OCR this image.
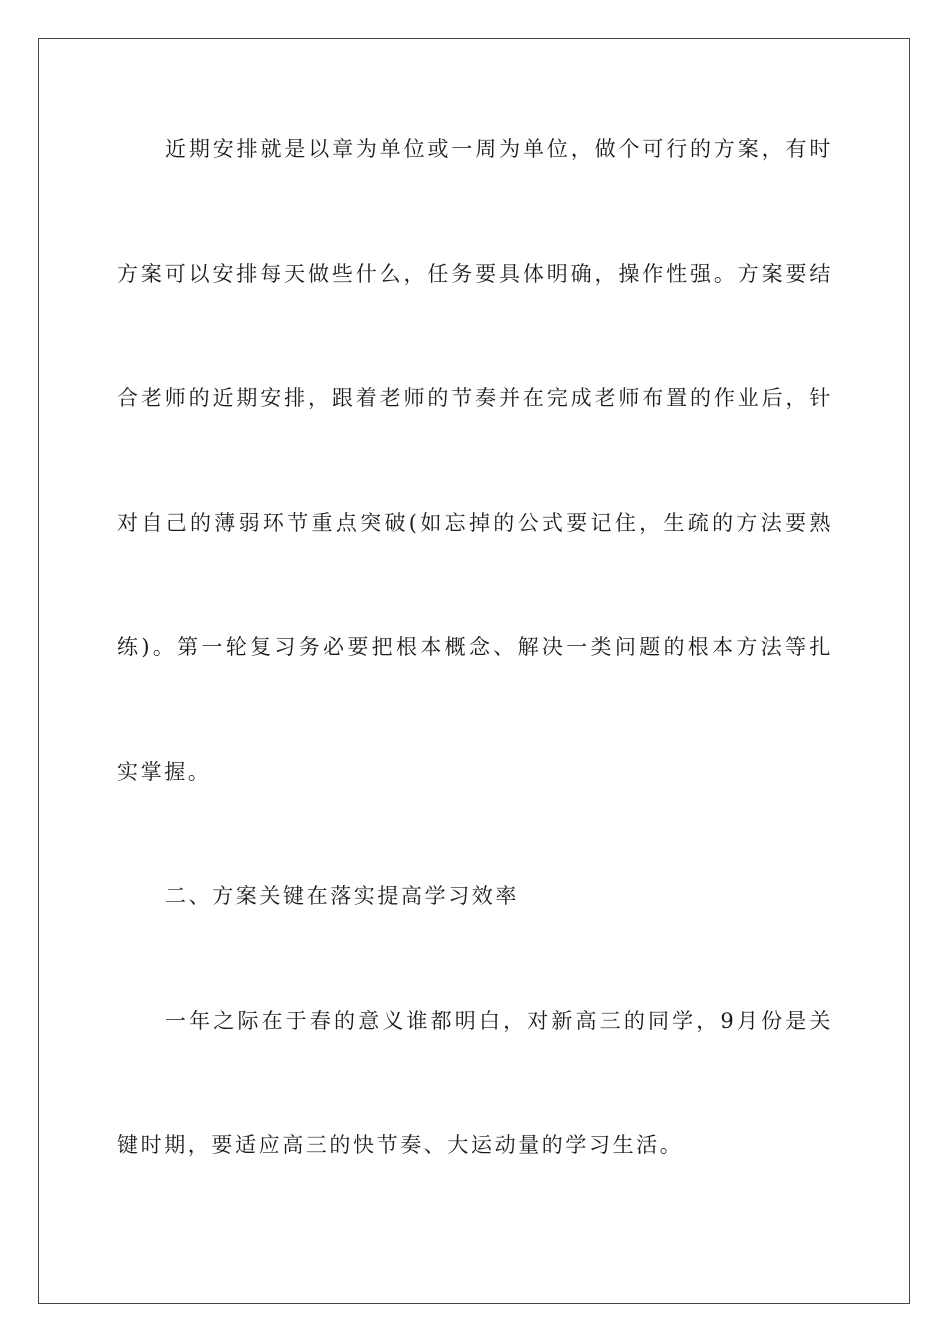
近期安排就是以章为单位或一周为单位，做个可行的方案，有时
方案可以安排每天做些什么，任务要具体明确，操作性强。方案要结
合老师的近期安排，跟着老师的节奏并在完成老师布置的作业后，针
对自己的薄弱环节重点突破(如忘掉的公式要记住，生疏的方法要熟
练)。第一轮复习务必要把根本概念、解决一类问题的根本方法等扎
实掌握。
二、方案关键在落实提高学习效率
一年之际在于春的意义谁都明白，对新高三的同学，9月份是关
键时期，要适应高三的快节奏、大运动量的学习生活。
